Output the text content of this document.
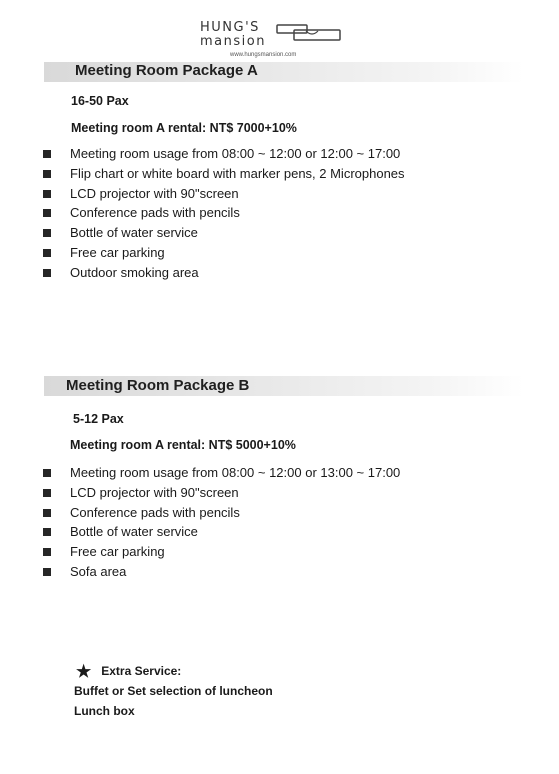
HUNG'S
mansion
www.hungsmansion.com
Meeting Room Package A
16-50 Pax
Meeting room A rental: NT$ 7000+10%
Meeting room usage from 08:00 ~ 12:00 or 12:00 ~ 17:00
Flip chart or white board with marker pens, 2 Microphones
LCD projector with 90"screen
Conference pads with pencils
Bottle of water service
Free car parking
Outdoor smoking area
Meeting Room Package B
5-12 Pax
Meeting room A rental: NT$ 5000+10%
Meeting room usage from 08:00 ~ 12:00 or 13:00 ~ 17:00
LCD projector with 90"screen
Conference pads with pencils
Bottle of water service
Free car parking
Sofa area
★ Extra Service:
Buffet or Set selection of luncheon
Lunch box
